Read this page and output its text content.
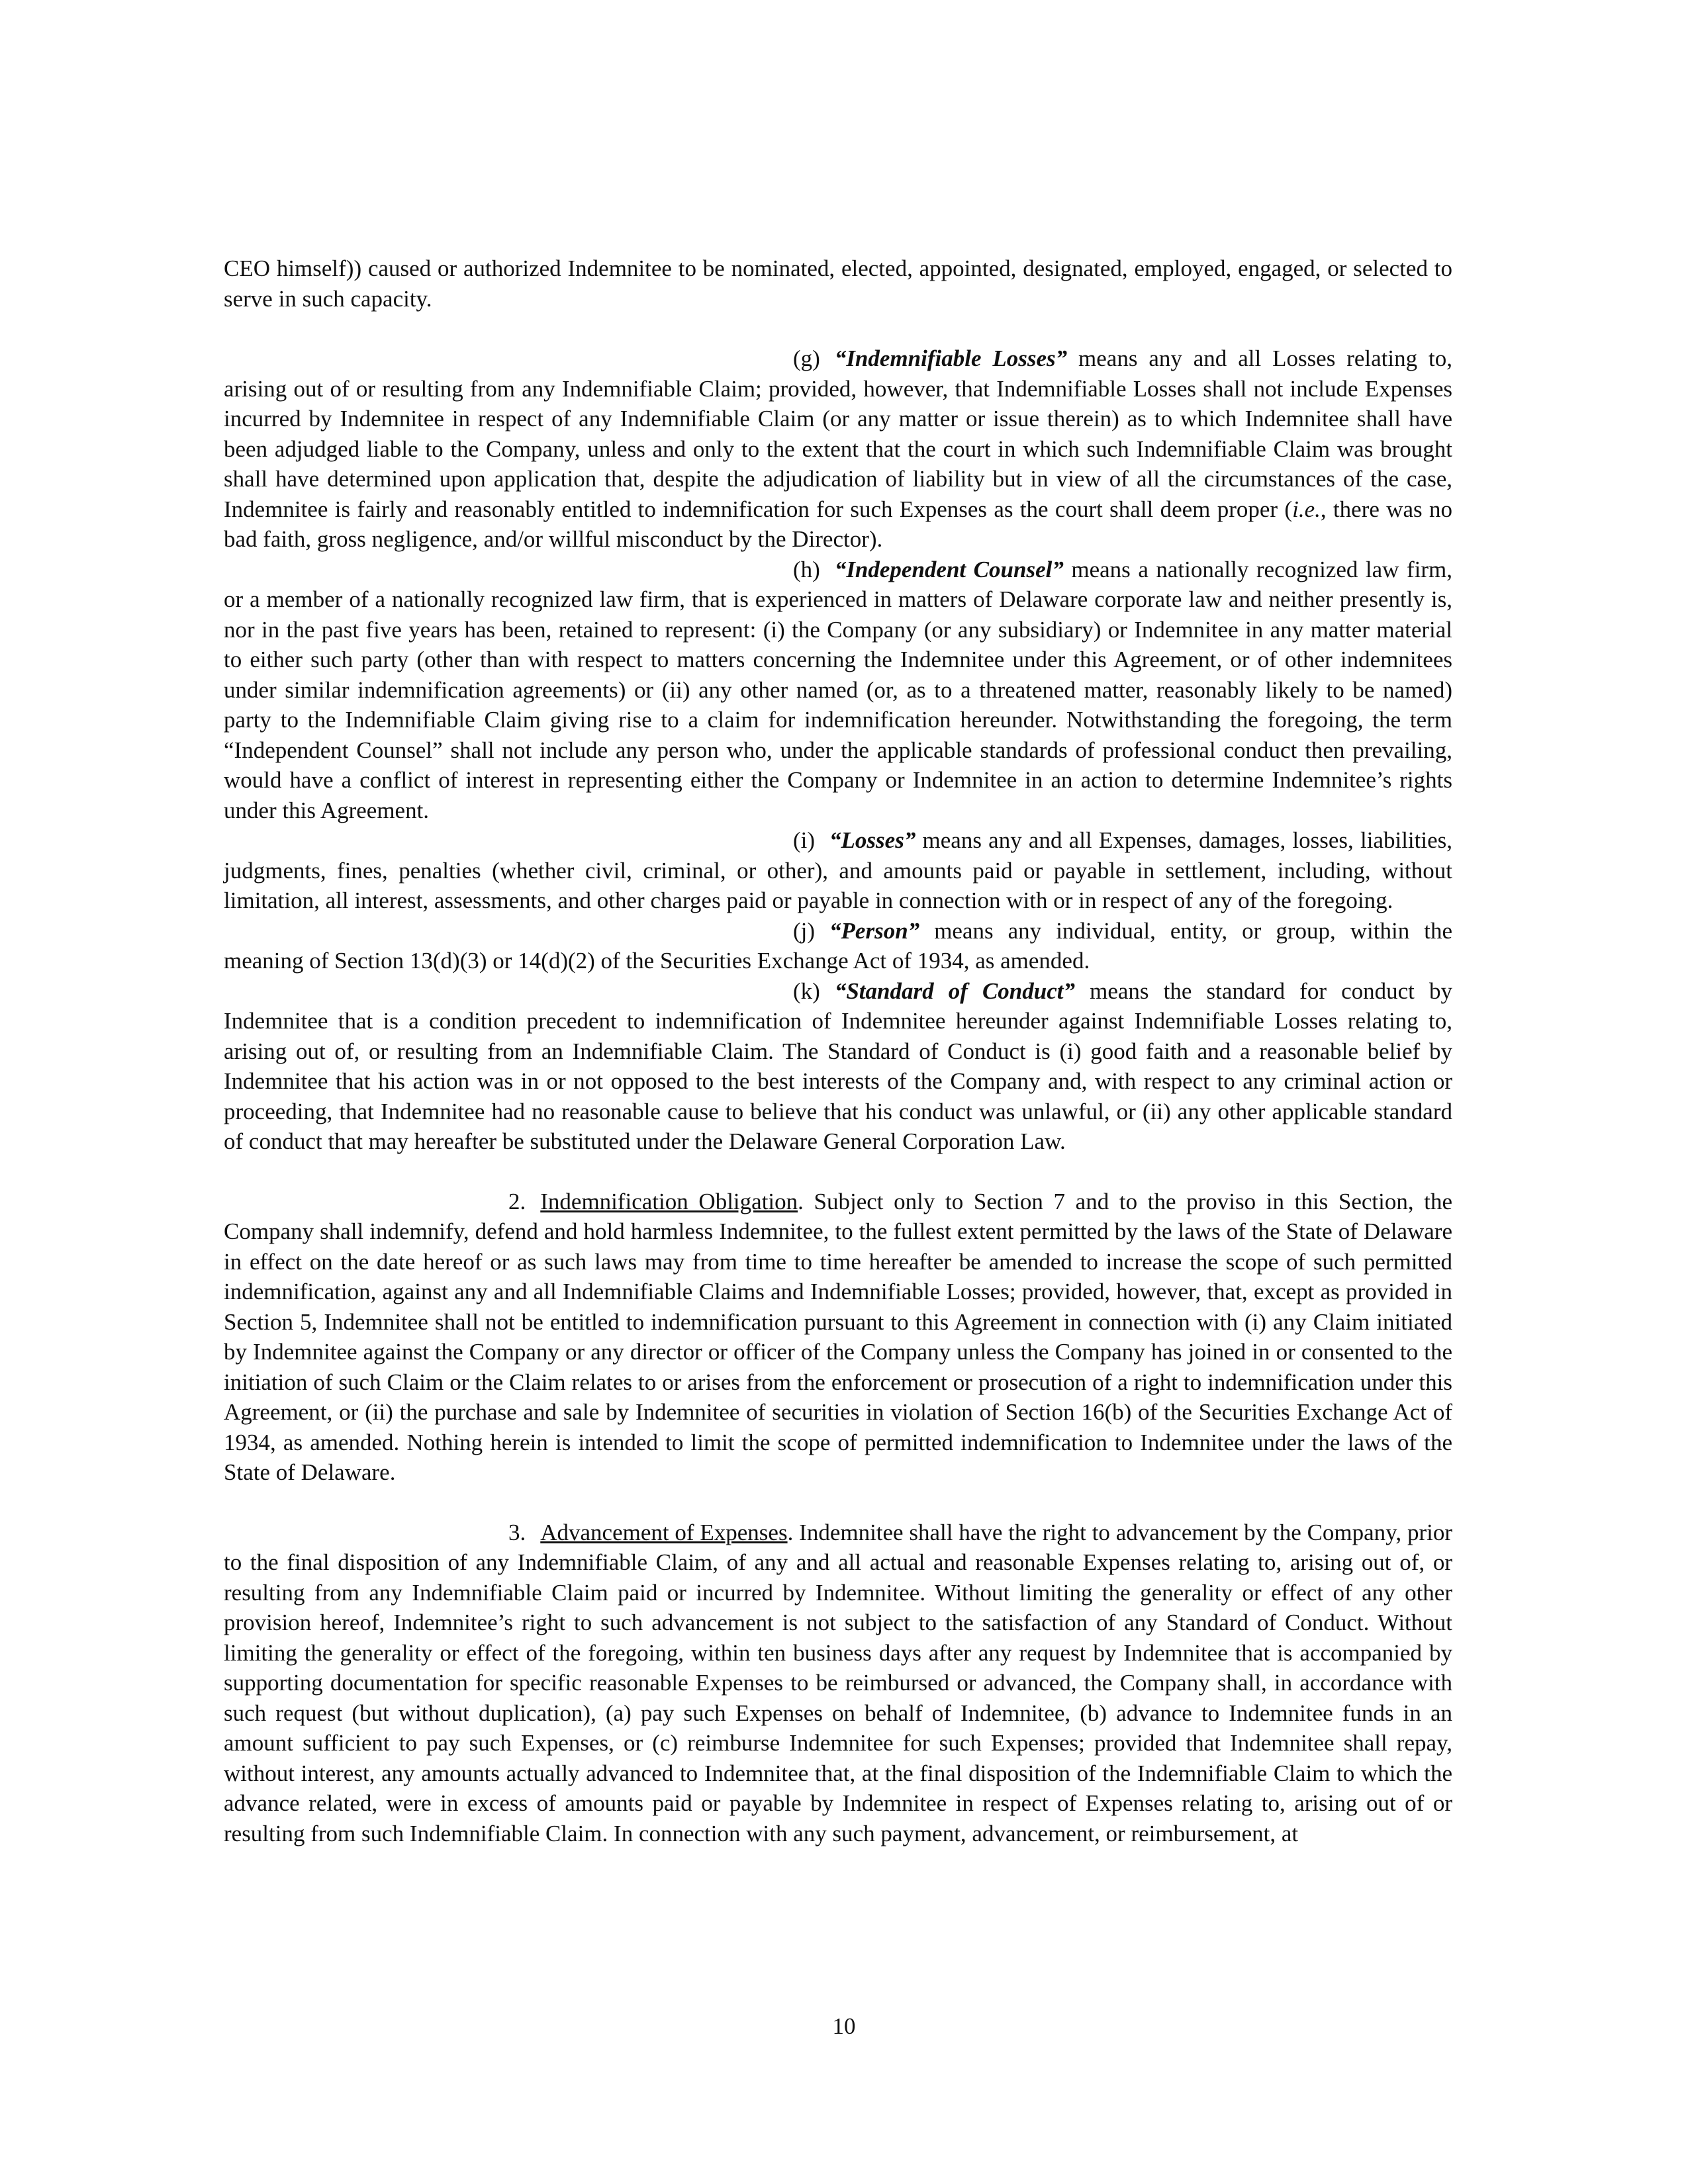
CEO himself)) caused or authorized Indemnitee to be nominated, elected, appointed, designated, employed, engaged, or selected to serve in such capacity.

(g) “Indemnifiable Losses” means any and all Losses relating to, arising out of or resulting from any Indemnifiable Claim; provided, however, that Indemnifiable Losses shall not include Expenses incurred by Indemnitee in respect of any Indemnifiable Claim (or any matter or issue therein) as to which Indemnitee shall have been adjudged liable to the Company, unless and only to the extent that the court in which such Indemnifiable Claim was brought shall have determined upon application that, despite the adjudication of liability but in view of all the circumstances of the case, Indemnitee is fairly and reasonably entitled to indemnification for such Expenses as the court shall deem proper (i.e., there was no bad faith, gross negligence, and/or willful misconduct by the Director).

(h) “Independent Counsel” means a nationally recognized law firm, or a member of a nationally recognized law firm, that is experienced in matters of Delaware corporate law and neither presently is, nor in the past five years has been, retained to represent: (i) the Company (or any subsidiary) or Indemnitee in any matter material to either such party (other than with respect to matters concerning the Indemnitee under this Agreement, or of other indemnitees under similar indemnification agreements) or (ii) any other named (or, as to a threatened matter, reasonably likely to be named) party to the Indemnifiable Claim giving rise to a claim for indemnification hereunder. Notwithstanding the foregoing, the term “Independent Counsel” shall not include any person who, under the applicable standards of professional conduct then prevailing, would have a conflict of interest in representing either the Company or Indemnitee in an action to determine Indemnitee’s rights under this Agreement.

(i) “Losses” means any and all Expenses, damages, losses, liabilities, judgments, fines, penalties (whether civil, criminal, or other), and amounts paid or payable in settlement, including, without limitation, all interest, assessments, and other charges paid or payable in connection with or in respect of any of the foregoing.

(j) “Person” means any individual, entity, or group, within the meaning of Section 13(d)(3) or 14(d)(2) of the Securities Exchange Act of 1934, as amended.

(k) “Standard of Conduct” means the standard for conduct by Indemnitee that is a condition precedent to indemnification of Indemnitee hereunder against Indemnifiable Losses relating to, arising out of, or resulting from an Indemnifiable Claim. The Standard of Conduct is (i) good faith and a reasonable belief by Indemnitee that his action was in or not opposed to the best interests of the Company and, with respect to any criminal action or proceeding, that Indemnitee had no reasonable cause to believe that his conduct was unlawful, or (ii) any other applicable standard of conduct that may hereafter be substituted under the Delaware General Corporation Law.

2. Indemnification Obligation. Subject only to Section 7 and to the proviso in this Section, the Company shall indemnify, defend and hold harmless Indemnitee, to the fullest extent permitted by the laws of the State of Delaware in effect on the date hereof or as such laws may from time to time hereafter be amended to increase the scope of such permitted indemnification, against any and all Indemnifiable Claims and Indemnifiable Losses; provided, however, that, except as provided in Section 5, Indemnitee shall not be entitled to indemnification pursuant to this Agreement in connection with (i) any Claim initiated by Indemnitee against the Company or any director or officer of the Company unless the Company has joined in or consented to the initiation of such Claim or the Claim relates to or arises from the enforcement or prosecution of a right to indemnification under this Agreement, or (ii) the purchase and sale by Indemnitee of securities in violation of Section 16(b) of the Securities Exchange Act of 1934, as amended. Nothing herein is intended to limit the scope of permitted indemnification to Indemnitee under the laws of the State of Delaware.

3. Advancement of Expenses. Indemnitee shall have the right to advancement by the Company, prior to the final disposition of any Indemnifiable Claim, of any and all actual and reasonable Expenses relating to, arising out of, or resulting from any Indemnifiable Claim paid or incurred by Indemnitee. Without limiting the generality or effect of any other provision hereof, Indemnitee’s right to such advancement is not subject to the satisfaction of any Standard of Conduct. Without limiting the generality or effect of the foregoing, within ten business days after any request by Indemnitee that is accompanied by supporting documentation for specific reasonable Expenses to be reimbursed or advanced, the Company shall, in accordance with such request (but without duplication), (a) pay such Expenses on behalf of Indemnitee, (b) advance to Indemnitee funds in an amount sufficient to pay such Expenses, or (c) reimburse Indemnitee for such Expenses; provided that Indemnitee shall repay, without interest, any amounts actually advanced to Indemnitee that, at the final disposition of the Indemnifiable Claim to which the advance related, were in excess of amounts paid or payable by Indemnitee in respect of Expenses relating to, arising out of or resulting from such Indemnifiable Claim. In connection with any such payment, advancement, or reimbursement, at

10
